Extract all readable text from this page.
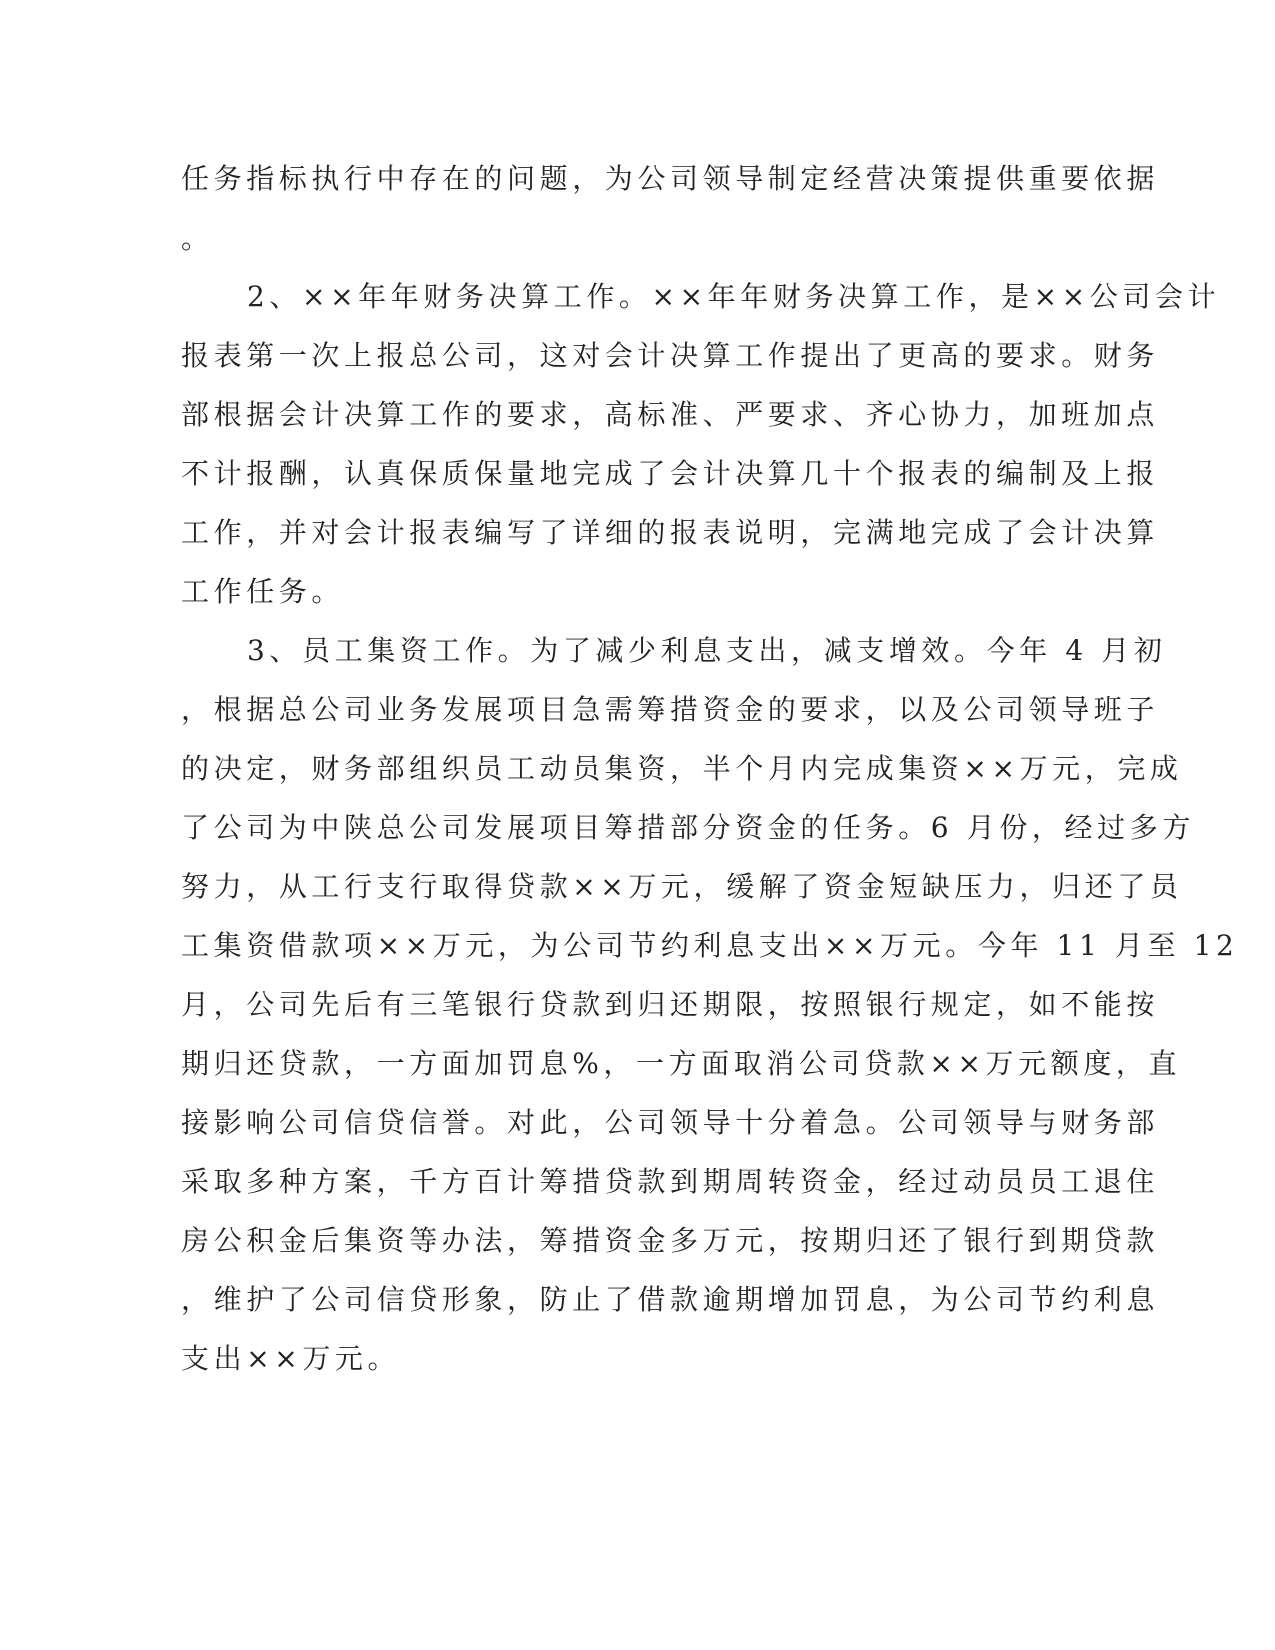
任务指标执行中存在的问题，为公司领导制定经营决策提供重要依据
。
2、××年年财务决算工作。××年年财务决算工作，是××公司会计
报表第一次上报总公司，这对会计决算工作提出了更高的要求。财务
部根据会计决算工作的要求，高标准、严要求、齐心协力，加班加点
不计报酬，认真保质保量地完成了会计决算几十个报表的编制及上报
工作，并对会计报表编写了详细的报表说明，完满地完成了会计决算
工作任务。
3、员工集资工作。为了减少利息支出，减支增效。今年 4 月初
，根据总公司业务发展项目急需筹措资金的要求，以及公司领导班子
的决定，财务部组织员工动员集资，半个月内完成集资××万元，完成
了公司为中陕总公司发展项目筹措部分资金的任务。6 月份，经过多方
努力，从工行支行取得贷款××万元，缓解了资金短缺压力，归还了员
工集资借款项××万元，为公司节约利息支出××万元。今年 11 月至 12
月，公司先后有三笔银行贷款到归还期限，按照银行规定，如不能按
期归还贷款，一方面加罚息%，一方面取消公司贷款××万元额度，直
接影响公司信贷信誉。对此，公司领导十分着急。公司领导与财务部
采取多种方案，千方百计筹措贷款到期周转资金，经过动员员工退住
房公积金后集资等办法，筹措资金多万元，按期归还了银行到期贷款
，维护了公司信贷形象，防止了借款逾期增加罚息，为公司节约利息
支出××万元。
